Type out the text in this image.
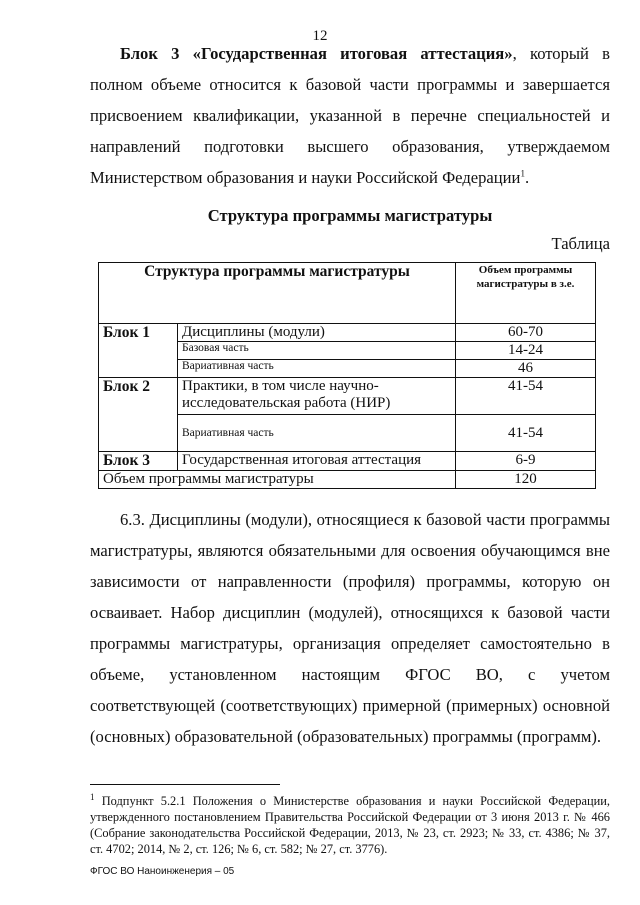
12
Блок 3 «Государственная итоговая аттестация», который в полном объеме относится к базовой части программы и завершается присвоением квалификации, указанной в перечне специальностей и направлений подготовки высшего образования, утверждаемом Министерством образования и науки Российской Федерации$^1$.
Структура программы магистратуры
Таблица
Структура программы магистратуры		Объем программы магистратуры в з.е.
Блок 1	Дисциплины (модули)	60-70
	Базовая часть	14-24
	Вариативная часть	46
Блок 2	Практики, в том числе научно-исследовательская работа (НИР)	41-54
	Вариативная часть	41-54
Блок 3	Государственная итоговая аттестация	6-9
Объем программы магистратуры		120
6.3. Дисциплины (модули), относящиеся к базовой части программы магистратуры, являются обязательными для освоения обучающимся вне зависимости от направленности (профиля) программы, которую он осваивает. Набор дисциплин (модулей), относящихся к базовой части программы магистратуры, организация определяет самостоятельно в объеме, установленном настоящим ФГОС ВО, с учетом соответствующей (соответствующих) примерной (примерных) основной (основных) образовательной (образовательных) программы (программ).
$^1$ Подпункт 5.2.1 Положения о Министерстве образования и науки Российской Федерации, утвержденного постановлением Правительства Российской Федерации от 3 июня 2013 г. № 466 (Собрание законодательства Российской Федерации, 2013, № 23, ст. 2923; № 33, ст. 4386; № 37, ст. 4702; 2014, № 2, ст. 126; № 6, ст. 582; № 27, ст. 3776).
ФГОС ВО Наноинженерия – 05
